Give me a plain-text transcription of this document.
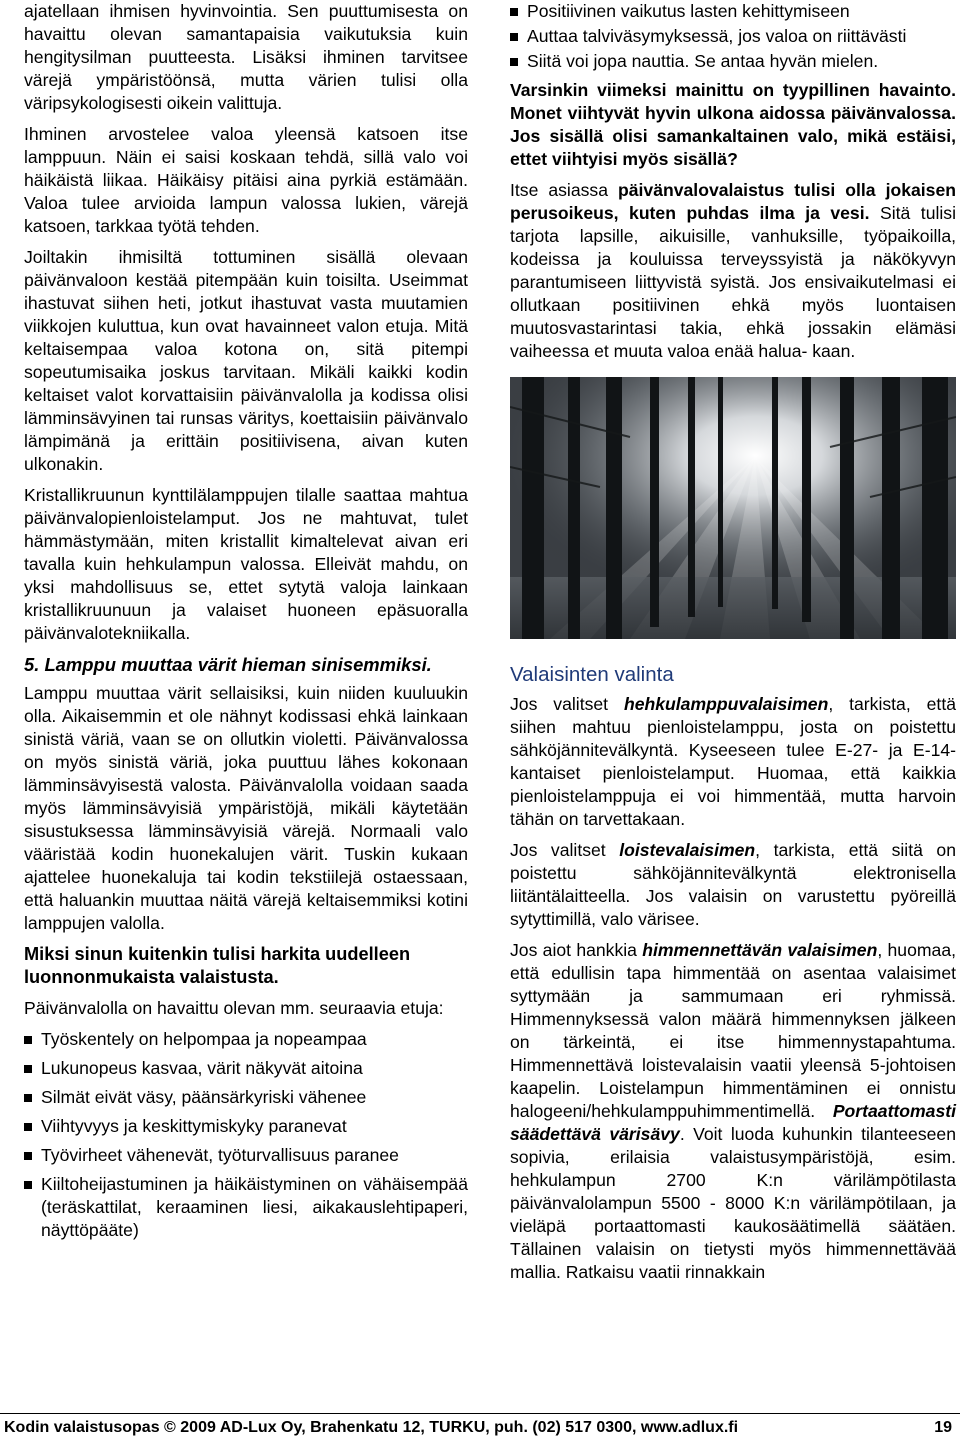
ajatellaan ihmisen hyvinvointia. Sen puuttumisesta on havaittu olevan samantapaisia vaikutuksia kuin hengitysilman puutteesta. Lisäksi ihminen tarvitsee värejä ympäristöönsä, mutta värien tulisi olla väripsykologisesti oikein valittuja.

Ihminen arvostelee valoa yleensä katsoen itse lamppuun. Näin ei saisi koskaan tehdä, sillä valo voi häikäistä liikaa. Häikäisy pitäisi aina pyrkiä estämään. Valoa tulee arvioida lampun valossa lukien, värejä katsoen, tarkkaa työtä tehden.

Joiltakin ihmisiltä tottuminen sisällä olevaan päivänvaloon kestää pitempään kuin toisilta. Useimmat ihastuvat siihen heti, jotkut ihastuvat vasta muutamien viikkojen kuluttua, kun ovat havainneet valon etuja. Mitä keltaisempaa valoa kotona on, sitä pitempi sopeutumisaika joskus tarvitaan. Mikäli kaikki kodin keltaiset valot korvattaisiin päivänvalolla ja kodissa olisi lämminsävyinen tai runsas väritys, koettaisiin päivänvalo lämpimänä ja erittäin positiivisena, aivan kuten ulkonakin.

Kristallikruunun kynttilälamppujen tilalle saattaa mahtua päivänvalopienloistelamput. Jos ne mahtuvat, tulet hämmästymään, miten kristallit kimaltelevat aivan eri tavalla kuin hehkulampun valossa. Elleivät mahdu, on yksi mahdollisuus se, ettet sytytä valoja lainkaan kristallikruunuun ja valaiset huoneen epäsuoralla päivänvalotekniikalla.

5. Lamppu muuttaa värit hieman sinisemmiksi.

Lamppu muuttaa värit sellaisiksi, kuin niiden kuuluukin olla. Aikaisemmin et ole nähnyt kodissasi ehkä lainkaan sinistä väriä, vaan se on ollutkin violetti. Päivänvalossa on myös sinistä väriä, joka puuttuu lähes kokonaan lämminsävyisestä valosta. Päivänvalolla voidaan saada myös lämminsävyisiä ympäristöjä, mikäli käytetään sisustuksessa lämminsävyisiä värejä. Normaali valo vääristää kodin huonekalujen värit. Tuskin kukaan ajattelee huonekaluja tai kodin tekstiilejä ostaessaan, että haluankin muuttaa näitä värejä keltaisemmiksi kotini lamppujen valolla.

Miksi sinun kuitenkin tulisi harkita uudelleen luonnonmukaista valaistusta.

Päivänvalolla on havaittu olevan mm. seuraavia etuja:

Työskentely on helpompaa ja nopeampaa
Lukunopeus kasvaa, värit näkyvät aitoina
Silmät eivät väsy, päänsärkyriski vähenee
Viihtyvyys ja keskittymiskyky paranevat
Työvirheet vähenevät, työturvallisuus paranee
Kiiltoheijastuminen ja häikäistyminen on vähäisempää (teräskattilat, keraaminen liesi, aikakauslehtipaperi, näyttöpääte)
Positiivinen vaikutus lasten kehittymiseen
Auttaa talviväsymyksessä, jos valoa on riittävästi
Siitä voi jopa nauttia. Se antaa hyvän mielen.

Varsinkin viimeksi mainittu on tyypillinen havainto. Monet viihtyvät hyvin ulkona aidossa päivänvalossa. Jos sisällä olisi samankaltainen valo, mikä estäisi, ettet viihtyisi myös sisällä?

Itse asiassa päivänvalovalaistus tulisi olla jokaisen perusoikeus, kuten puhdas ilma ja vesi. Sitä tulisi tarjota lapsille, aikuisille, vanhuksille, työpaikoilla, kodeissa ja kouluissa terveyssyistä ja näkökyvyn parantumiseen liittyvistä syistä. Jos ensivaikutelmasi ei ollutkaan positiivinen ehkä myös luontaisen muutosvastarintasi takia, ehkä jossakin elämäsi vaiheessa et muuta valoa enää halua- kaan.

Valaisinten valinta

Jos valitset hehkulamppuvalaisimen, tarkista, että siihen mahtuu pienloistelamppu, josta on poistettu sähköjännitevälkyntä. Kyseeseen tulee E-27- ja E-14-kantaiset pienloistelamput. Huomaa, että kaikkia pienloistelamppuja ei voi himmentää, mutta harvoin tähän on tarvettakaan.

Jos valitset loistevalaisimen, tarkista, että siitä on poistettu sähköjännitevälkyntä elektronisella liitäntälaitteella. Jos valaisin on varustettu pyöreillä sytyttimillä, valo värisee.

Jos aiot hankkia himmennettävän valaisimen, huomaa, että edullisin tapa himmentää on asentaa valaisimet syttymään ja sammumaan eri ryhmissä. Himmennyksessä valon määrä himmennyksen jälkeen on tärkeintä, ei itse himmennystapahtuma. Himmennettävä loistevalaisin vaatii yleensä 5-johtoisen kaapelin. Loistelampun himmentäminen ei onnistu halogeeni/hehkulamppuhimmentimellä. Portaattomasti säädettävä värisävy. Voit luoda kuhunkin tilanteeseen sopivia, erilaisia valaistusympäristöjä, esim. hehkulampun 2700 K:n värilämpötilasta päivänvalolampun 5500 - 8000 K:n värilämpötilaan, ja vieläpä portaattomasti kaukosäätimellä säätäen. Tällainen valaisin on tietysti myös himmennettävää mallia. Ratkaisu vaatii rinnakkain

Kodin valaistusopas © 2009 AD-Lux Oy, Brahenkatu 12, TURKU, puh. (02) 517 0300, www.adlux.fi	19
